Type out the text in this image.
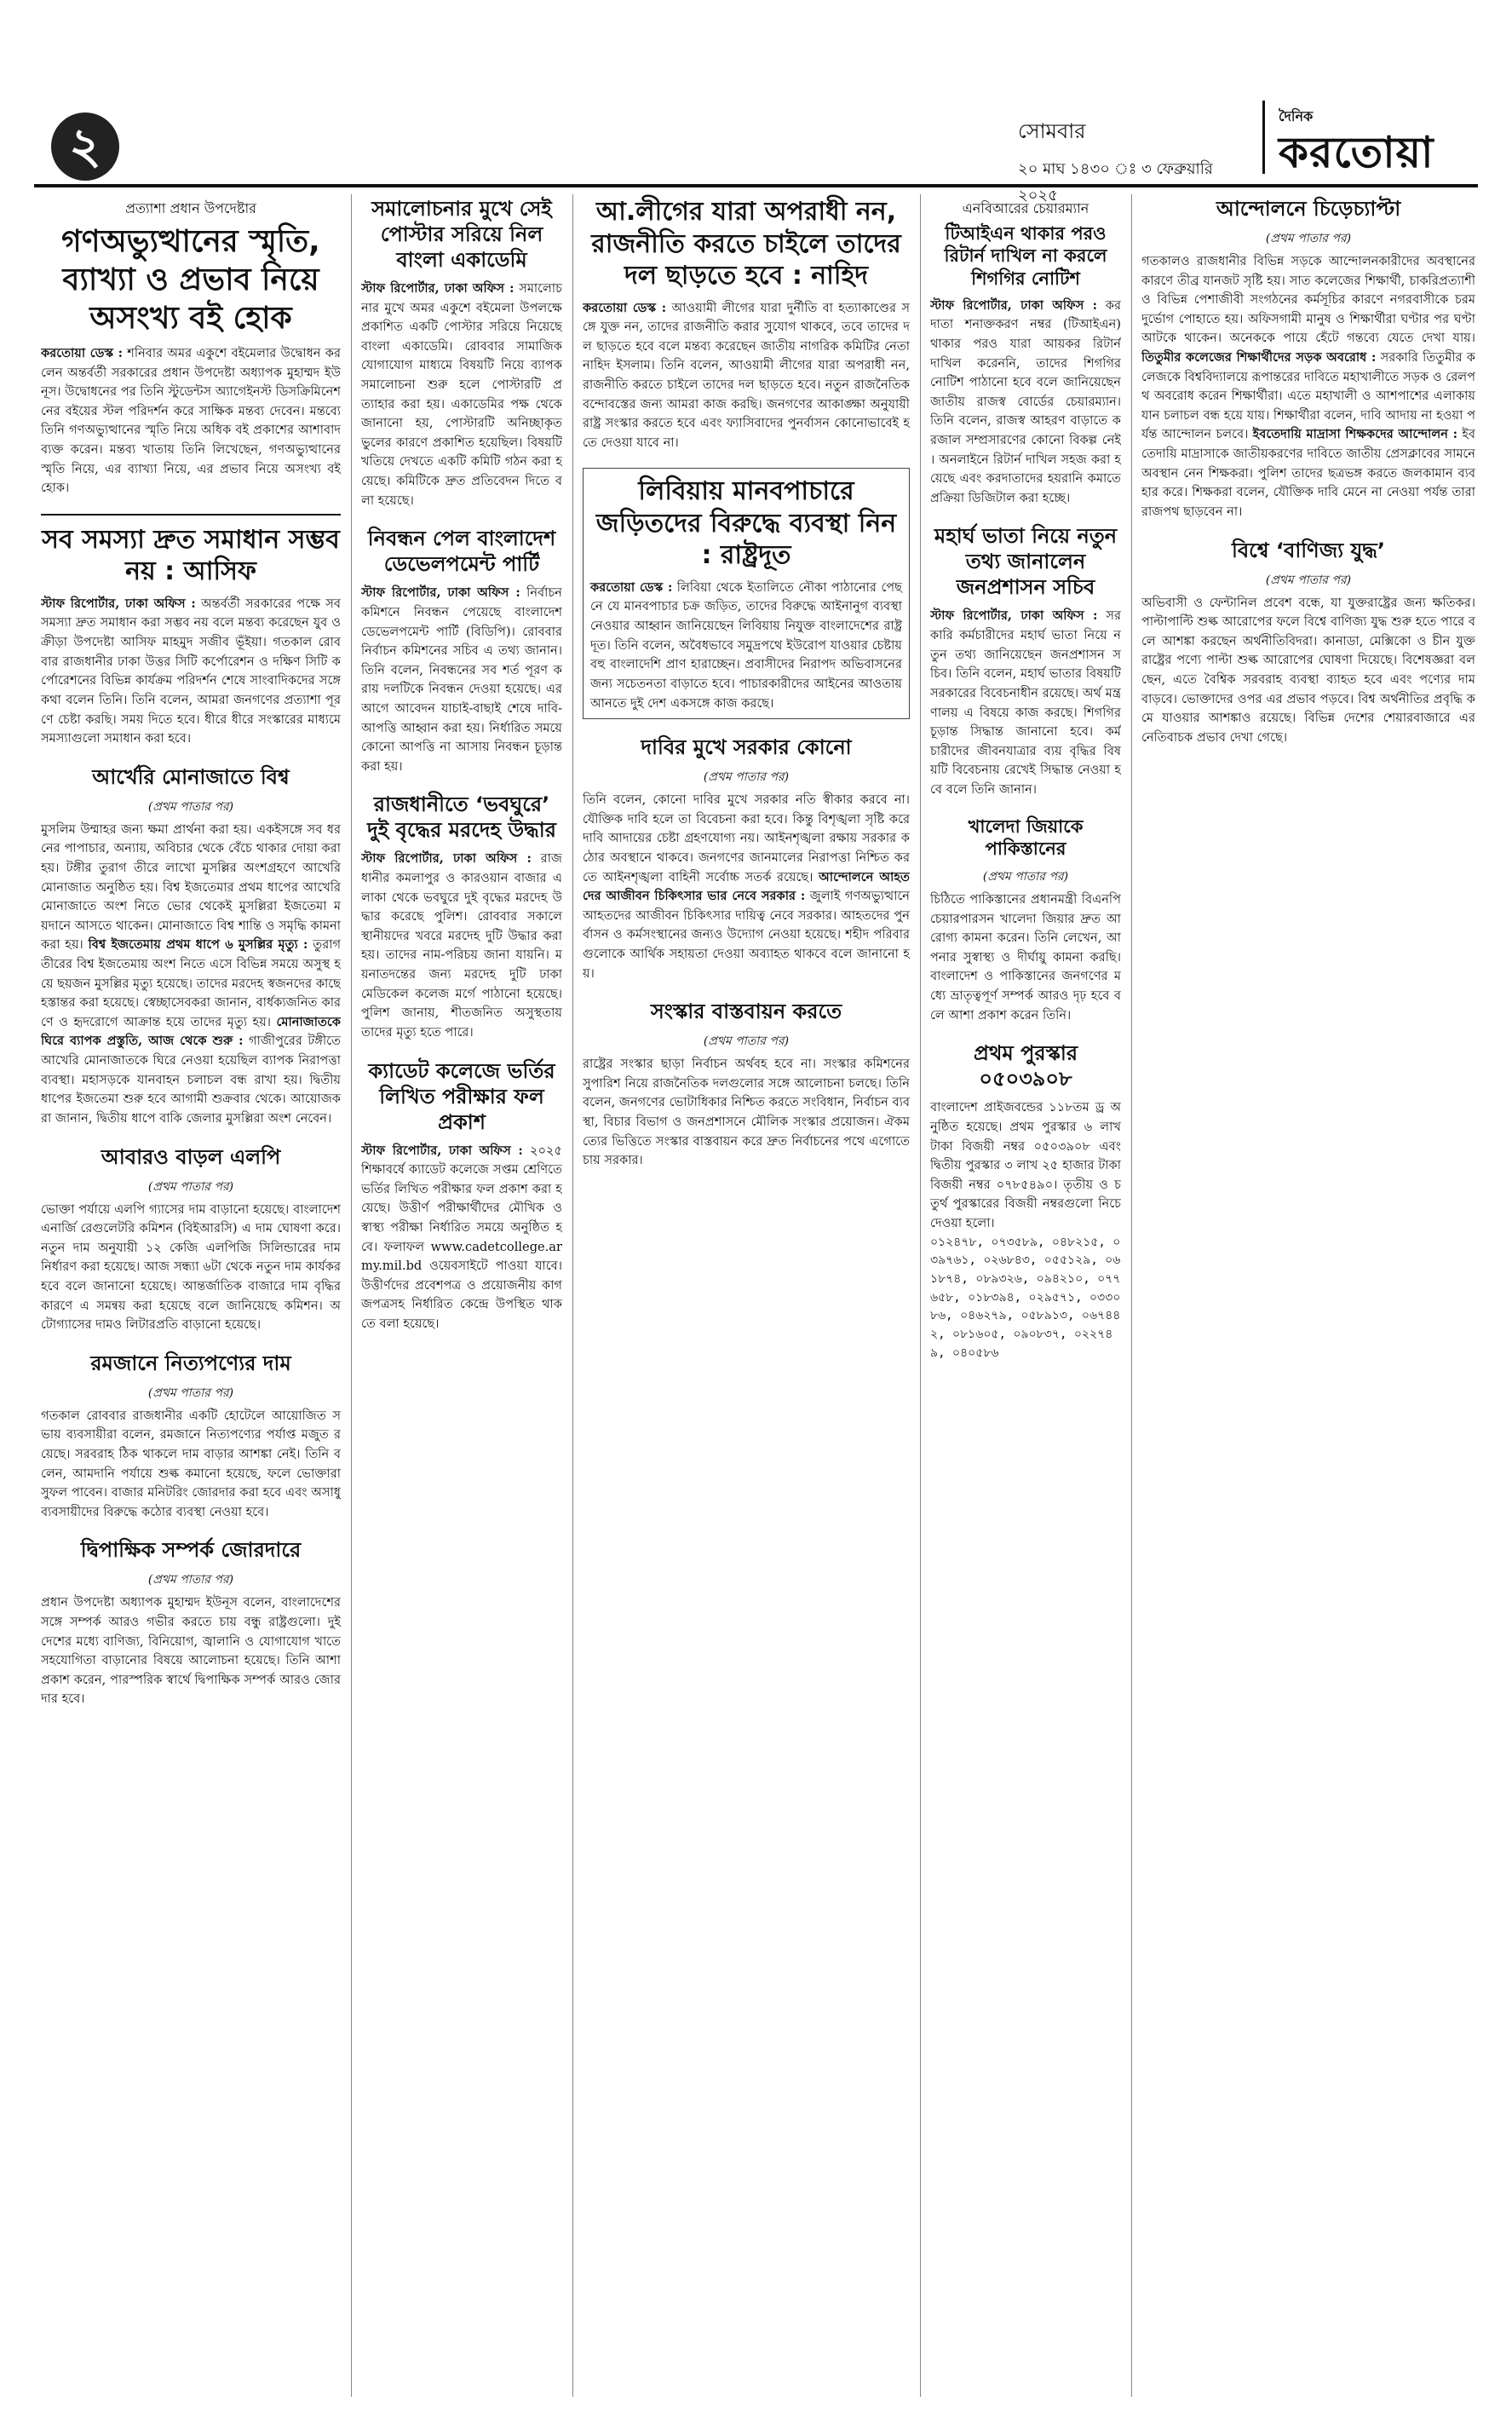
২	সোমবার
দৈনিক
করতোয়া
২০ মাঘ ১৪৩০ ঃ ৩ ফেব্রুয়ারি ২০২৫
প্রত্যাশা প্রধান উপদেষ্টার
গণঅভ্যুত্থানের স্মৃতি, ব্যাখ্যা ও প্রভাব নিয়ে অসংখ্য বই হোক
করতোয়া ডেস্ক : শনিবার অমর একুশে বইমেলার উদ্বোধন করলেন অন্তর্বর্তী সরকারের প্রধান উপদেষ্টা অধ্যাপক মুহাম্মদ ইউনূস। উদ্বোধনের পর তিনি স্টুডেন্টস অ্যাগেইনস্ট ডিসক্রিমিনেশনের বইয়ের স্টল পরিদর্শন করে সাক্ষিক মন্তব্য দেবেন। মন্তব্যে তিনি গণঅভ্যুত্থানের স্মৃতি নিয়ে অধিক বই প্রকাশের আশাবাদ ব্যক্ত করেন। মন্তব্য খাতায় তিনি লিখেছেন, গণঅভ্যুত্থানের স্মৃতি নিয়ে, এর ব্যাখ্যা নিয়ে, এর প্রভাব নিয়ে অসংখ্য বই হোক।
সব সমস্যা দ্রুত সমাধান সম্ভব নয় : আসিফ
স্টাফ রিপোর্টার, ঢাকা অফিস : অন্তর্বর্তী সরকারের পক্ষে সব সমস্যা দ্রুত সমাধান করা সম্ভব নয় বলে মন্তব্য করেছেন যুব ও ক্রীড়া উপদেষ্টা আসিফ মাহমুদ সজীব ভূঁইয়া। গতকাল রোববার রাজধানীর ঢাকা উত্তর সিটি কর্পোরেশন ও দক্ষিণ সিটি কর্পোরেশনের বিভিন্ন কার্যক্রম পরিদর্শন শেষে সাংবাদিকদের সঙ্গে কথা বলেন তিনি। তিনি বলেন, আমরা জনগণের প্রত্যাশা পূরণে চেষ্টা করছি। সময় দিতে হবে। ধীরে ধীরে সংস্কারের মাধ্যমে সমস্যাগুলো সমাধান করা হবে।
আর্খেরি মোনাজাতে বিশ্ব
(প্রথম পাতার পর)
মুসলিম উম্মাহর জন্য ক্ষমা প্রার্থনা করা হয়। একইসঙ্গে সব ধরনের পাপাচার, অন্যায়, অবিচার থেকে বেঁচে থাকার দোয়া করা হয়। টঙ্গীর তুরাগ তীরে লাখো মুসল্লির অংশগ্রহণে আখেরি মোনাজাত অনুষ্ঠিত হয়। বিশ্ব ইজতেমার প্রথম ধাপের আখেরি মোনাজাতে অংশ নিতে ভোর থেকেই মুসল্লিরা ইজতেমা ময়দানে আসতে থাকেন। মোনাজাতে বিশ্ব শান্তি ও সমৃদ্ধি কামনা করা হয়। বিশ্ব ইজতেমায় প্রথম ধাপে ৬ মুসল্লির মৃত্যু : তুরাগ তীরের বিশ্ব ইজতেমায় অংশ নিতে এসে বিভিন্ন সময়ে অসুস্থ হয়ে ছয়জন মুসল্লির মৃত্যু হয়েছে। তাদের মরদেহ স্বজনদের কাছে হস্তান্তর করা হয়েছে। স্বেচ্ছাসেবকরা জানান, বার্ধক্যজনিত কারণে ও হৃদরোগে আক্রান্ত হয়ে তাদের মৃত্যু হয়। মোনাজাতকে ঘিরে ব্যাপক প্রস্তুতি, আজ থেকে শুরু : গাজীপুরের টঙ্গীতে আখেরি মোনাজাতকে ঘিরে নেওয়া হয়েছিল ব্যাপক নিরাপত্তা ব্যবস্থা। মহাসড়কে যানবাহন চলাচল বন্ধ রাখা হয়। দ্বিতীয় ধাপের ইজতেমা শুরু হবে আগামী শুক্রবার থেকে। আয়োজকরা জানান, দ্বিতীয় ধাপে বাকি জেলার মুসল্লিরা অংশ নেবেন।
আবারও বাড়ল এলপি
(প্রথম পাতার পর)
ভোক্তা পর্যায়ে এলপি গ্যাসের দাম বাড়ানো হয়েছে। বাংলাদেশ এনার্জি রেগুলেটরি কমিশন (বিইআরসি) এ দাম ঘোষণা করে। নতুন দাম অনুযায়ী ১২ কেজি এলপিজি সিলিন্ডারের দাম নির্ধারণ করা হয়েছে। আজ সন্ধ্যা ৬টা থেকে নতুন দাম কার্যকর হবে বলে জানানো হয়েছে। আন্তর্জাতিক বাজারে দাম বৃদ্ধির কারণে এ সমন্বয় করা হয়েছে বলে জানিয়েছে কমিশন। অটোগ্যাসের দামও লিটারপ্রতি বাড়ানো হয়েছে।
রমজানে নিত্যপণ্যের দাম
(প্রথম পাতার পর)
গতকাল রোববার রাজধানীর একটি হোটেলে আয়োজিত সভায় ব্যবসায়ীরা বলেন, রমজানে নিত্যপণ্যের পর্যাপ্ত মজুত রয়েছে। সরবরাহ ঠিক থাকলে দাম বাড়ার আশঙ্কা নেই। তিনি বলেন, আমদানি পর্যায়ে শুল্ক কমানো হয়েছে, ফলে ভোক্তারা সুফল পাবেন। বাজার মনিটরিং জোরদার করা হবে এবং অসাধু ব্যবসায়ীদের বিরুদ্ধে কঠোর ব্যবস্থা নেওয়া হবে।
দ্বিপাক্ষিক সম্পর্ক জোরদারে
(প্রথম পাতার পর)
প্রধান উপদেষ্টা অধ্যাপক মুহাম্মদ ইউনূস বলেন, বাংলাদেশের সঙ্গে সম্পর্ক আরও গভীর করতে চায় বন্ধু রাষ্ট্রগুলো। দুই দেশের মধ্যে বাণিজ্য, বিনিয়োগ, জ্বালানি ও যোগাযোগ খাতে সহযোগিতা বাড়ানোর বিষয়ে আলোচনা হয়েছে। তিনি আশা প্রকাশ করেন, পারস্পরিক স্বার্থে দ্বিপাক্ষিক সম্পর্ক আরও জোরদার হবে।
সমালোচনার মুখে সেই পোস্টার সরিয়ে নিল বাংলা একাডেমি
স্টাফ রিপোর্টার, ঢাকা অফিস : সমালোচনার মুখে অমর একুশে বইমেলা উপলক্ষে প্রকাশিত একটি পোস্টার সরিয়ে নিয়েছে বাংলা একাডেমি। রোববার সামাজিক যোগাযোগ মাধ্যমে বিষয়টি নিয়ে ব্যাপক সমালোচনা শুরু হলে পোস্টারটি প্রত্যাহার করা হয়। একাডেমির পক্ষ থেকে জানানো হয়, পোস্টারটি অনিচ্ছাকৃত ভুলের কারণে প্রকাশিত হয়েছিল। বিষয়টি খতিয়ে দেখতে একটি কমিটি গঠন করা হয়েছে। কমিটিকে দ্রুত প্রতিবেদন দিতে বলা হয়েছে।
নিবন্ধন পেল বাংলাদেশ ডেভেলপমেন্ট পার্টি
স্টাফ রিপোর্টার, ঢাকা অফিস : নির্বাচন কমিশনে নিবন্ধন পেয়েছে বাংলাদেশ ডেভেলপমেন্ট পার্টি (বিডিপি)। রোববার নির্বাচন কমিশনের সচিব এ তথ্য জানান। তিনি বলেন, নিবন্ধনের সব শর্ত পূরণ করায় দলটিকে নিবন্ধন দেওয়া হয়েছে। এর আগে আবেদন যাচাই-বাছাই শেষে দাবি-আপত্তি আহ্বান করা হয়। নির্ধারিত সময়ে কোনো আপত্তি না আসায় নিবন্ধন চূড়ান্ত করা হয়।
রাজধানীতে ‘ভবঘুরে’ দুই বৃদ্ধের মরদেহ উদ্ধার
স্টাফ রিপোর্টার, ঢাকা অফিস : রাজধানীর কমলাপুর ও কারওয়ান বাজার এলাকা থেকে ভবঘুরে দুই বৃদ্ধের মরদেহ উদ্ধার করেছে পুলিশ। রোববার সকালে স্থানীয়দের খবরে মরদেহ দুটি উদ্ধার করা হয়। তাদের নাম-পরিচয় জানা যায়নি। ময়নাতদন্তের জন্য মরদেহ দুটি ঢাকা মেডিকেল কলেজ মর্গে পাঠানো হয়েছে। পুলিশ জানায়, শীতজনিত অসুস্থতায় তাদের মৃত্যু হতে পারে।
ক্যাডেট কলেজে ভর্তির লিখিত পরীক্ষার ফল প্রকাশ
স্টাফ রিপোর্টার, ঢাকা অফিস : ২০২৫ শিক্ষাবর্ষে ক্যাডেট কলেজে সপ্তম শ্রেণিতে ভর্তির লিখিত পরীক্ষার ফল প্রকাশ করা হয়েছে। উত্তীর্ণ পরীক্ষার্থীদের মৌখিক ও স্বাস্থ্য পরীক্ষা নির্ধারিত সময়ে অনুষ্ঠিত হবে। ফলাফল www.cadetcollege.army.mil.bd ওয়েবসাইটে পাওয়া যাবে। উত্তীর্ণদের প্রবেশপত্র ও প্রয়োজনীয় কাগজপত্রসহ নির্ধারিত কেন্দ্রে উপস্থিত থাকতে বলা হয়েছে।
আ.লীগের যারা অপরাধী নন, রাজনীতি করতে চাইলে তাদের দল ছাড়তে হবে : নাহিদ
করতোয়া ডেস্ক : আওয়ামী লীগের যারা দুর্নীতি বা হত্যাকাণ্ডের সঙ্গে যুক্ত নন, তাদের রাজনীতি করার সুযোগ থাকবে, তবে তাদের দল ছাড়তে হবে বলে মন্তব্য করেছেন জাতীয় নাগরিক কমিটির নেতা নাহিদ ইসলাম। তিনি বলেন, আওয়ামী লীগের যারা অপরাধী নন, রাজনীতি করতে চাইলে তাদের দল ছাড়তে হবে। নতুন রাজনৈতিক বন্দোবস্তের জন্য আমরা কাজ করছি। জনগণের আকাঙ্ক্ষা অনুযায়ী রাষ্ট্র সংস্কার করতে হবে এবং ফ্যাসিবাদের পুনর্বাসন কোনোভাবেই হতে দেওয়া যাবে না।
লিবিয়ায় মানবপাচারে জড়িতদের বিরুদ্ধে ব্যবস্থা নিন : রাষ্ট্রদূত
করতোয়া ডেস্ক : লিবিয়া থেকে ইতালিতে নৌকা পাঠানোর পেছনে যে মানবপাচার চক্র জড়িত, তাদের বিরুদ্ধে আইনানুগ ব্যবস্থা নেওয়ার আহ্বান জানিয়েছেন লিবিয়ায় নিযুক্ত বাংলাদেশের রাষ্ট্রদূত। তিনি বলেন, অবৈধভাবে সমুদ্রপথে ইউরোপ যাওয়ার চেষ্টায় বহু বাংলাদেশি প্রাণ হারাচ্ছেন। প্রবাসীদের নিরাপদ অভিবাসনের জন্য সচেতনতা বাড়াতে হবে। পাচারকারীদের আইনের আওতায় আনতে দুই দেশ একসঙ্গে কাজ করছে।
দাবির মুখে সরকার কোনো
(প্রথম পাতার পর)
তিনি বলেন, কোনো দাবির মুখে সরকার নতি স্বীকার করবে না। যৌক্তিক দাবি হলে তা বিবেচনা করা হবে। কিন্তু বিশৃঙ্খলা সৃষ্টি করে দাবি আদায়ের চেষ্টা গ্রহণযোগ্য নয়। আইনশৃঙ্খলা রক্ষায় সরকার কঠোর অবস্থানে থাকবে। জনগণের জানমালের নিরাপত্তা নিশ্চিত করতে আইনশৃঙ্খলা বাহিনী সর্বোচ্চ সতর্ক রয়েছে। আন্দোলনে আহতদের আজীবন চিকিৎসার ভার নেবে সরকার : জুলাই গণঅভ্যুত্থানে আহতদের আজীবন চিকিৎসার দায়িত্ব নেবে সরকার। আহতদের পুনর্বাসন ও কর্মসংস্থানের জন্যও উদ্যোগ নেওয়া হয়েছে। শহীদ পরিবারগুলোকে আর্থিক সহায়তা দেওয়া অব্যাহত থাকবে বলে জানানো হয়।
সংস্কার বাস্তবায়ন করতে
(প্রথম পাতার পর)
রাষ্ট্রের সংস্কার ছাড়া নির্বাচন অর্থবহ হবে না। সংস্কার কমিশনের সুপারিশ নিয়ে রাজনৈতিক দলগুলোর সঙ্গে আলোচনা চলছে। তিনি বলেন, জনগণের ভোটাধিকার নিশ্চিত করতে সংবিধান, নির্বাচন ব্যবস্থা, বিচার বিভাগ ও জনপ্রশাসনে মৌলিক সংস্কার প্রয়োজন। ঐকমত্যের ভিত্তিতে সংস্কার বাস্তবায়ন করে দ্রুত নির্বাচনের পথে এগোতে চায় সরকার।
এনবিআরের চেয়ারম্যান
টিআইএন থাকার পরও রিটার্ন দাখিল না করলে শিগগির নোটিশ
স্টাফ রিপোর্টার, ঢাকা অফিস : করদাতা শনাক্তকরণ নম্বর (টিআইএন) থাকার পরও যারা আয়কর রিটার্ন দাখিল করেননি, তাদের শিগগির নোটিশ পাঠানো হবে বলে জানিয়েছেন জাতীয় রাজস্ব বোর্ডের চেয়ারম্যান। তিনি বলেন, রাজস্ব আহরণ বাড়াতে করজাল সম্প্রসারণের কোনো বিকল্প নেই। অনলাইনে রিটার্ন দাখিল সহজ করা হয়েছে এবং করদাতাদের হয়রানি কমাতে প্রক্রিয়া ডিজিটাল করা হচ্ছে।
মহার্ঘ ভাতা নিয়ে নতুন তথ্য জানালেন জনপ্রশাসন সচিব
স্টাফ রিপোর্টার, ঢাকা অফিস : সরকারি কর্মচারীদের মহার্ঘ ভাতা নিয়ে নতুন তথ্য জানিয়েছেন জনপ্রশাসন সচিব। তিনি বলেন, মহার্ঘ ভাতার বিষয়টি সরকারের বিবেচনাধীন রয়েছে। অর্থ মন্ত্রণালয় এ বিষয়ে কাজ করছে। শিগগির চূড়ান্ত সিদ্ধান্ত জানানো হবে। কর্মচারীদের জীবনযাত্রার ব্যয় বৃদ্ধির বিষয়টি বিবেচনায় রেখেই সিদ্ধান্ত নেওয়া হবে বলে তিনি জানান।
খালেদা জিয়াকে পাকিস্তানের
(প্রথম পাতার পর)
চিঠিতে পাকিস্তানের প্রধানমন্ত্রী বিএনপি চেয়ারপারসন খালেদা জিয়ার দ্রুত আরোগ্য কামনা করেন। তিনি লেখেন, আপনার সুস্বাস্থ্য ও দীর্ঘায়ু কামনা করছি। বাংলাদেশ ও পাকিস্তানের জনগণের মধ্যে ভ্রাতৃত্বপূর্ণ সম্পর্ক আরও দৃঢ় হবে বলে আশা প্রকাশ করেন তিনি।
প্রথম পুরস্কার ০৫০৩৯০৮
বাংলাদেশ প্রাইজবন্ডের ১১৮তম ড্র অনুষ্ঠিত হয়েছে। প্রথম পুরস্কার ৬ লাখ টাকা বিজয়ী নম্বর ০৫০৩৯০৮ এবং দ্বিতীয় পুরস্কার ৩ লাখ ২৫ হাজার টাকা বিজয়ী নম্বর ০৭৮৫৪৯০। তৃতীয় ও চতুর্থ পুরস্কারের বিজয়ী নম্বরগুলো নিচে দেওয়া হলো।
০১২৪৭৮, ০৭৩৫৮৯, ০৪৮২১৫, ০৩৯৭৬১, ০২৬৮৪৩, ০৫৫১২৯, ০৬১৮৭৪, ০৮৯৩২৬, ০৯৪২১০, ০৭৭৬৫৮, ০১৮৩৯৪, ০২৯৫৭১, ০৩৩০৮৬, ০৪৬২৭৯, ০৫৮৯১৩, ০৬৭৪৪২, ০৮১৬০৫, ০৯০৮৩৭, ০২২৭৪৯, ০৪০৫৮৬
আন্দোলনে চিড়েচ্যাপ্টা
(প্রথম পাতার পর)
গতকালও রাজধানীর বিভিন্ন সড়কে আন্দোলনকারীদের অবস্থানের কারণে তীব্র যানজট সৃষ্টি হয়। সাত কলেজের শিক্ষার্থী, চাকরিপ্রত্যাশী ও বিভিন্ন পেশাজীবী সংগঠনের কর্মসূচির কারণে নগরবাসীকে চরম দুর্ভোগ পোহাতে হয়। অফিসগামী মানুষ ও শিক্ষার্থীরা ঘণ্টার পর ঘণ্টা আটকে থাকেন। অনেককে পায়ে হেঁটে গন্তব্যে যেতে দেখা যায়। তিতুমীর কলেজের শিক্ষার্থীদের সড়ক অবরোধ : সরকারি তিতুমীর কলেজকে বিশ্ববিদ্যালয়ে রূপান্তরের দাবিতে মহাখালীতে সড়ক ও রেলপথ অবরোধ করেন শিক্ষার্থীরা। এতে মহাখালী ও আশপাশের এলাকায় যান চলাচল বন্ধ হয়ে যায়। শিক্ষার্থীরা বলেন, দাবি আদায় না হওয়া পর্যন্ত আন্দোলন চলবে। ইবতেদায়ি মাদ্রাসা শিক্ষকদের আন্দোলন : ইবতেদায়ি মাদ্রাসাকে জাতীয়করণের দাবিতে জাতীয় প্রেসক্লাবের সামনে অবস্থান নেন শিক্ষকরা। পুলিশ তাদের ছত্রভঙ্গ করতে জলকামান ব্যবহার করে। শিক্ষকরা বলেন, যৌক্তিক দাবি মেনে না নেওয়া পর্যন্ত তারা রাজপথ ছাড়বেন না।
বিশ্বে ‘বাণিজ্য যুদ্ধ’
(প্রথম পাতার পর)
অভিবাসী ও ফেন্টানিল প্রবেশ বন্ধে, যা যুক্তরাষ্ট্রের জন্য ক্ষতিকর। পাল্টাপাল্টি শুল্ক আরোপের ফলে বিশ্বে বাণিজ্য যুদ্ধ শুরু হতে পারে বলে আশঙ্কা করছেন অর্থনীতিবিদরা। কানাডা, মেক্সিকো ও চীন যুক্তরাষ্ট্রের পণ্যে পাল্টা শুল্ক আরোপের ঘোষণা দিয়েছে। বিশেষজ্ঞরা বলছেন, এতে বৈশ্বিক সরবরাহ ব্যবস্থা ব্যাহত হবে এবং পণ্যের দাম বাড়বে। ভোক্তাদের ওপর এর প্রভাব পড়বে। বিশ্ব অর্থনীতির প্রবৃদ্ধি কমে যাওয়ার আশঙ্কাও রয়েছে। বিভিন্ন দেশের শেয়ারবাজারে এর নেতিবাচক প্রভাব দেখা গেছে।
